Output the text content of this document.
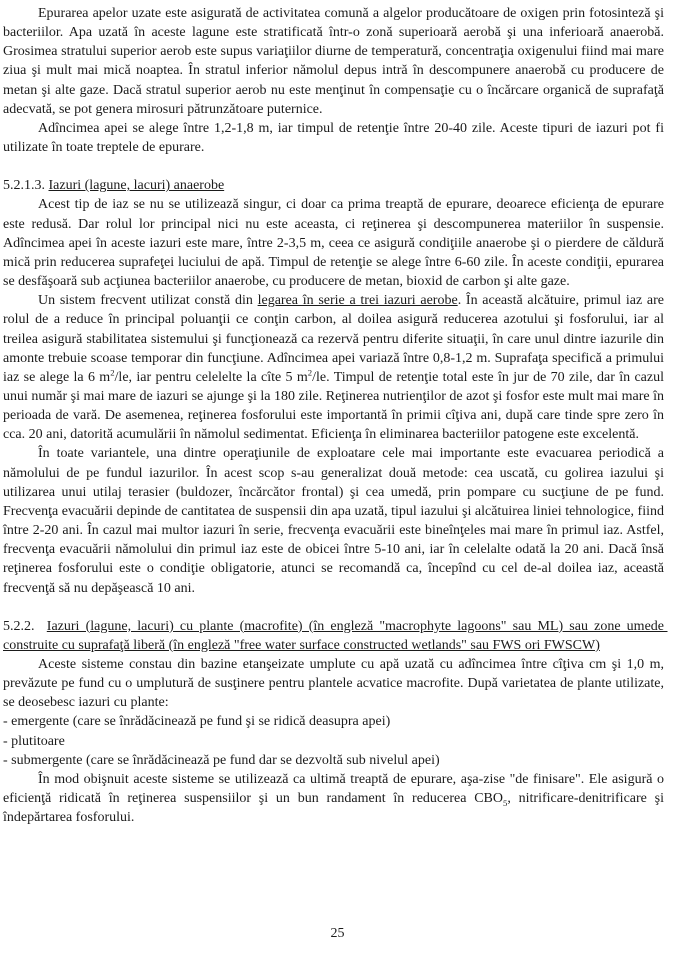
Epurarea apelor uzate este asigurată de activitatea comună a algelor producătoare de oxigen prin fotosinteză şi bacteriilor. Apa uzată în aceste lagune este stratificată într-o zonă superioară aerobă şi una inferioară anaerobă. Grosimea stratului superior aerob este supus variaţiilor diurne de temperatură, concentraţia oxigenului fiind mai mare ziua şi mult mai mică noaptea. În stratul inferior nămolul depus intră în descompunere anaerobă cu producere de metan şi alte gaze. Dacă stratul superior aerob nu este menţinut în compensaţie cu o încărcare organică de suprafaţă adecvată, se pot genera mirosuri pătrunzătoare puternice.

Adîncimea apei se alege între 1,2-1,8 m, iar timpul de retenţie între 20-40 zile. Aceste tipuri de iazuri pot fi utilizate în toate treptele de epurare.

5.2.1.3. Iazuri (lagune, lacuri) anaerobe

Acest tip de iaz se nu se utilizează singur, ci doar ca prima treaptă de epurare, deoarece eficienţa de epurare este redusă. Dar rolul lor principal nici nu este aceasta, ci reţinerea şi descompunerea materiilor în suspensie. Adîncimea apei în aceste iazuri este mare, între 2-3,5 m, ceea ce asigură condiţiile anaerobe şi o pierdere de căldură mică prin reducerea suprafeţei luciului de apă. Timpul de retenţie se alege între 6-60 zile. În aceste condiţii, epurarea se desfăşoară sub acţiunea bacteriilor anaerobe, cu producere de metan, bioxid de carbon şi alte gaze.

Un sistem frecvent utilizat constă din legarea în serie a trei iazuri aerobe. În această alcătuire, primul iaz are rolul de a reduce în principal poluanţii ce conţin carbon, al doilea asigură reducerea azotului şi fosforului, iar al treilea asigură stabilitatea sistemului şi funcţionează ca rezervă pentru diferite situaţii, în care unul dintre iazurile din amonte trebuie scoase temporar din funcţiune. Adîncimea apei variază între 0,8-1,2 m. Suprafaţa specifică a primului iaz se alege la 6 $m^2/le$, iar pentru celelelte la cîte 5 $m^2/le$. Timpul de retenţie total este în jur de 70 zile, dar în cazul unui număr şi mai mare de iazuri se ajunge şi la 180 zile. Reţinerea nutrienţilor de azot şi fosfor este mult mai mare în perioada de vară. De asemenea, reţinerea fosforului este importantă în primii cîţiva ani, după care tinde spre zero în cca. 20 ani, datorită acumulării în nămolul sedimentat. Eficienţa în eliminarea bacteriilor patogene este excelentă.

În toate variantele, una dintre operaţiunile de exploatare cele mai importante este evacuarea periodică a nămolului de pe fundul iazurilor. În acest scop s-au generalizat două metode: cea uscată, cu golirea iazului şi utilizarea unui utilaj terasier (buldozer, încărcător frontal) şi cea umedă, prin pompare cu sucţiune de pe fund. Frecvenţa evacuării depinde de cantitatea de suspensii din apa uzată, tipul iazului şi alcătuirea liniei tehnologice, fiind între 2-20 ani. În cazul mai multor iazuri în serie, frecvenţa evacuării este bineînţeles mai mare în primul iaz. Astfel, frecvenţa evacuării nămolului din primul iaz este de obicei între 5-10 ani, iar în celelalte odată la 20 ani. Dacă însă reţinerea fosforului este o condiţie obligatorie, atunci se recomandă ca, începînd cu cel de-al doilea iaz, această frecvenţă să nu depăşească 10 ani.

5.2.2.  Iazuri (lagune, lacuri) cu plante (macrofite) (în engleză "macrophyte lagoons" sau ML) sau zone umede construite cu suprafaţă liberă (în engleză "free water surface constructed wetlands" sau FWS ori FWSCW)

Aceste sisteme constau din bazine etanşeizate umplute cu apă uzată cu adîncimea între cîţiva cm şi 1,0 m, prevăzute pe fund cu o umplutură de susţinere pentru plantele acvatice macrofite. După varietatea de plante utilizate, se deosebesc iazuri cu plante:

- emergente (care se înrădăcinează pe fund şi se ridică deasupra apei)

- plutitoare

- submergente (care se înrădăcinează pe fund dar se dezvoltă sub nivelul apei)

În mod obişnuit aceste sisteme se utilizează ca ultimă treaptă de epurare, aşa-zise "de finisare". Ele asigură o eficienţă ridicată în reţinerea suspensiilor şi un bun randament în reducerea $CBO_5$, nitrificare-denitrificare şi îndepărtarea fosforului.

25
